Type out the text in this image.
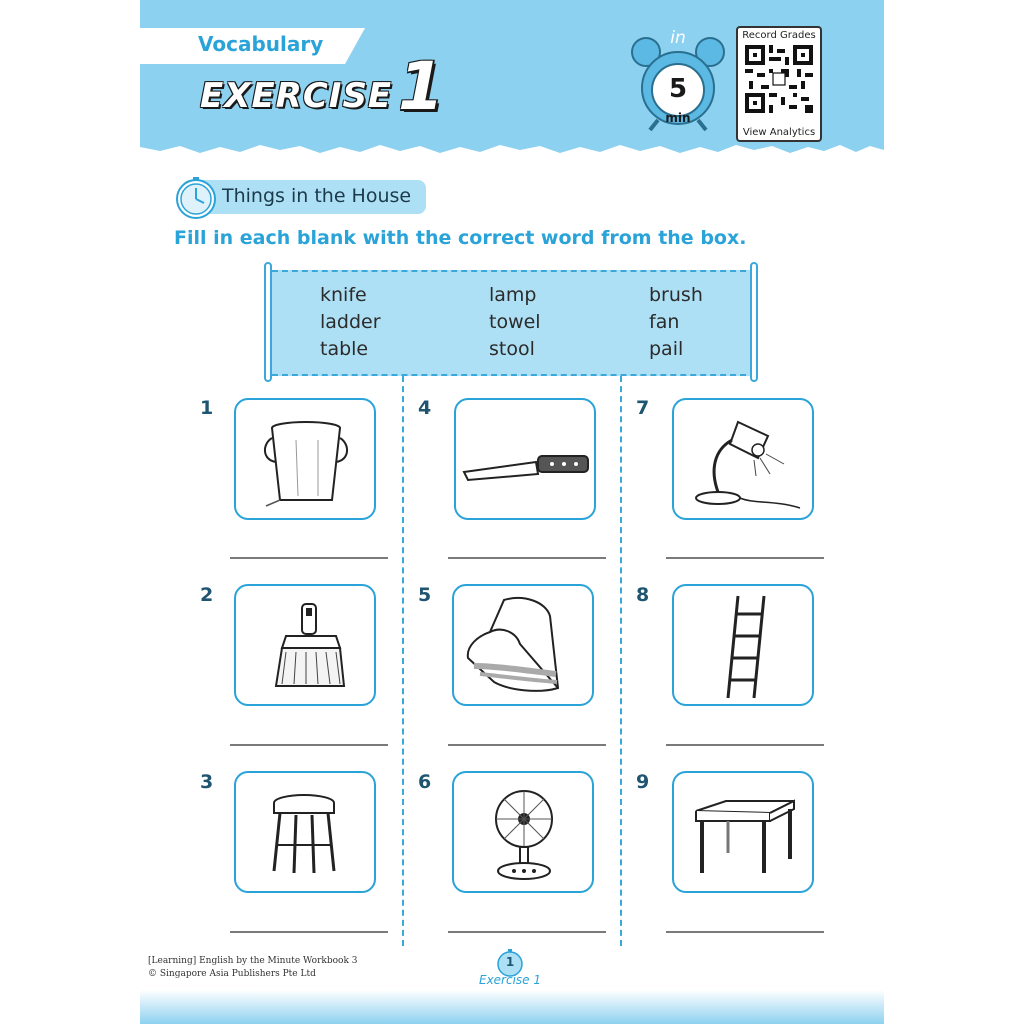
Vocabulary
EXERCISE 1
in
5
min
Record Grades
View Analytics
Things in the House
Fill in each blank with the correct word from the box.
knife
ladder
table
lamp
towel
stool
brush
fan
pail
1
2
3
4
5
6
7
8
9
[Learning] English by the Minute Workbook 3
© Singapore Asia Publishers Pte Ltd
1
Exercise 1
